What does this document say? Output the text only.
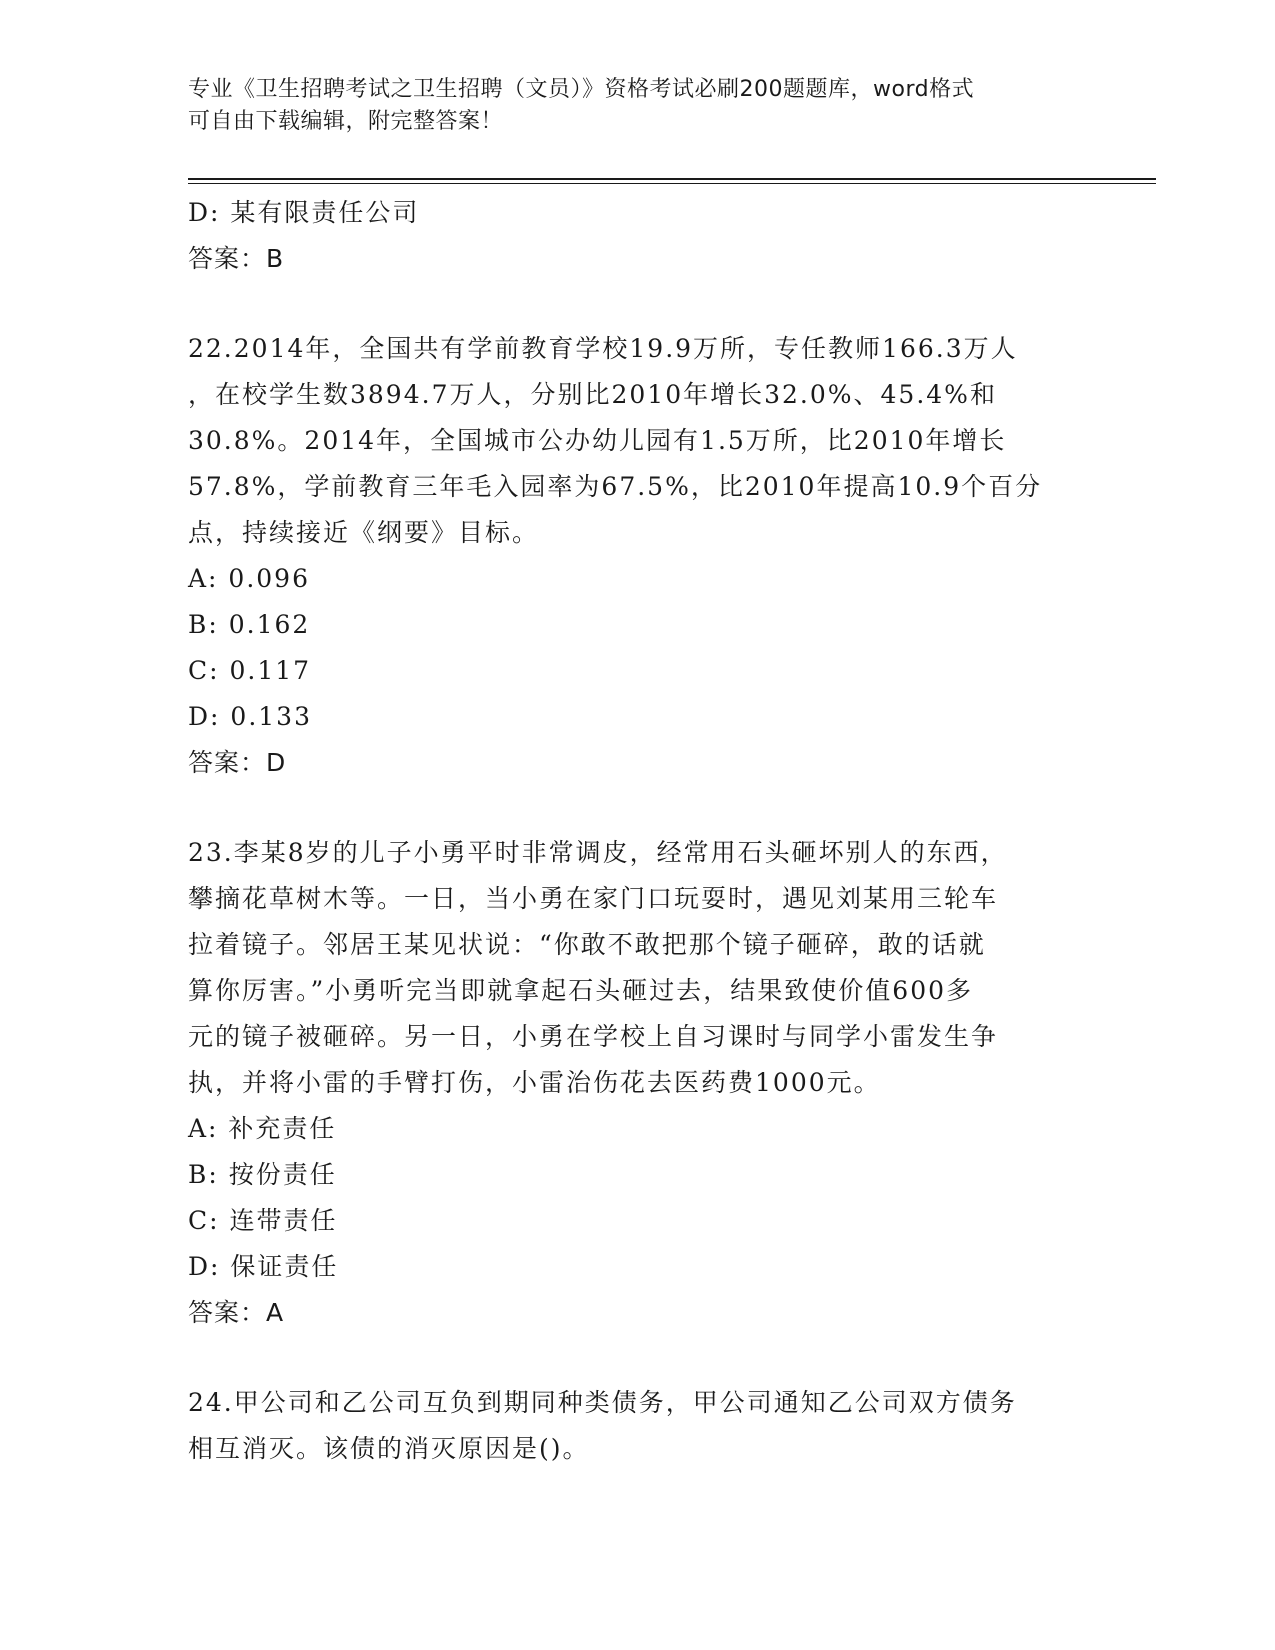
专业《卫生招聘考试之卫生招聘（文员）》资格考试必刷200题题库，word格式
可自由下载编辑，附完整答案！
D: 某有限责任公司
答案：B
22.2014年，全国共有学前教育学校19.9万所，专任教师166.3万人
，在校学生数3894.7万人，分别比2010年增长32.0%、45.4%和
30.8%。2014年，全国城市公办幼儿园有1.5万所，比2010年增长
57.8%，学前教育三年毛入园率为67.5%，比2010年提高10.9个百分
点，持续接近《纲要》目标。
A: 0.096
B: 0.162
C: 0.117
D: 0.133
答案：D
23.李某8岁的儿子小勇平时非常调皮，经常用石头砸坏别人的东西，
攀摘花草树木等。一日，当小勇在家门口玩耍时，遇见刘某用三轮车
拉着镜子。邻居王某见状说：“你敢不敢把那个镜子砸碎，敢的话就
算你厉害。”小勇听完当即就拿起石头砸过去，结果致使价值600多
元的镜子被砸碎。另一日，小勇在学校上自习课时与同学小雷发生争
执，并将小雷的手臂打伤，小雷治伤花去医药费1000元。
A: 补充责任
B: 按份责任
C: 连带责任
D: 保证责任
答案：A
24.甲公司和乙公司互负到期同种类债务，甲公司通知乙公司双方债务
相互消灭。该债的消灭原因是()。
